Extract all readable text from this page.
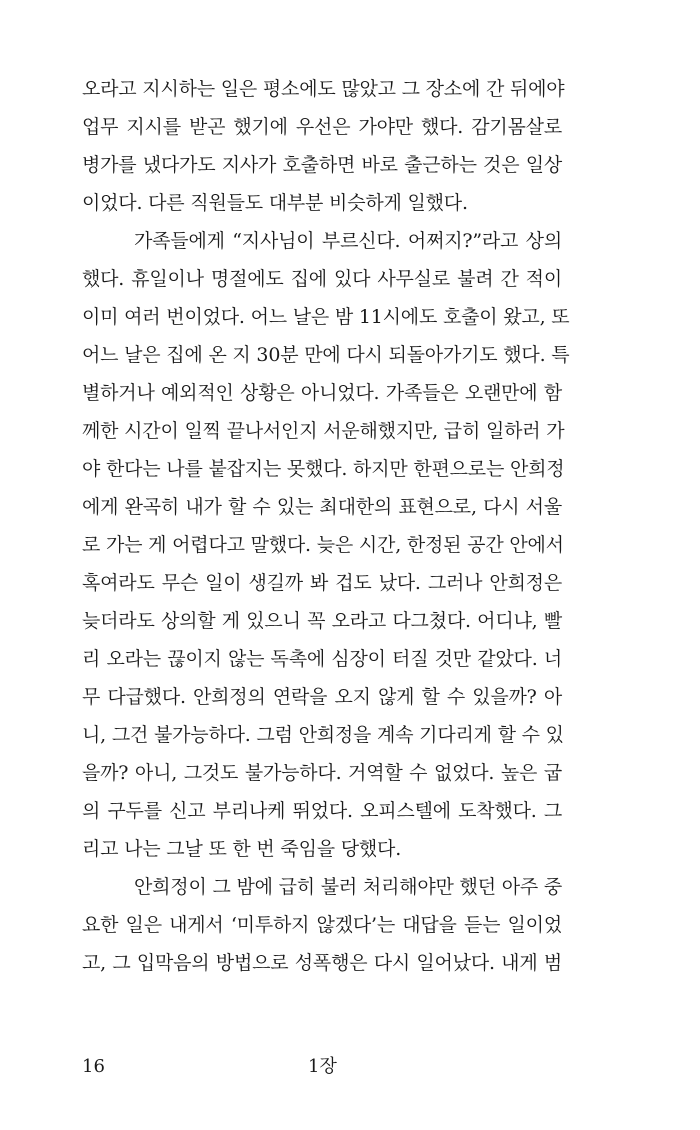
오라고 지시하는 일은 평소에도 많았고 그 장소에 간 뒤에야
업무 지시를 받곤 했기에 우선은 가야만 했다. 감기몸살로
병가를 냈다가도 지사가 호출하면 바로 출근하는 것은 일상
이었다. 다른 직원들도 대부분 비슷하게 일했다.
가족들에게 “지사님이 부르신다. 어쩌지?”라고 상의
했다. 휴일이나 명절에도 집에 있다 사무실로 불려 간 적이
이미 여러 번이었다. 어느 날은 밤 11시에도 호출이 왔고, 또
어느 날은 집에 온 지 30분 만에 다시 되돌아가기도 했다. 특
별하거나 예외적인 상황은 아니었다. 가족들은 오랜만에 함
께한 시간이 일찍 끝나서인지 서운해했지만, 급히 일하러 가
야 한다는 나를 붙잡지는 못했다. 하지만 한편으로는 안희정
에게 완곡히 내가 할 수 있는 최대한의 표현으로, 다시 서울
로 가는 게 어렵다고 말했다. 늦은 시간, 한정된 공간 안에서
혹여라도 무슨 일이 생길까 봐 겁도 났다. 그러나 안희정은
늦더라도 상의할 게 있으니 꼭 오라고 다그쳤다. 어디냐, 빨
리 오라는 끊이지 않는 독촉에 심장이 터질 것만 같았다. 너
무 다급했다. 안희정의 연락을 오지 않게 할 수 있을까? 아
니, 그건 불가능하다. 그럼 안희정을 계속 기다리게 할 수 있
을까? 아니, 그것도 불가능하다. 거역할 수 없었다. 높은 굽
의 구두를 신고 부리나케 뛰었다. 오피스텔에 도착했다. 그
리고 나는 그날 또 한 번 죽임을 당했다.
안희정이 그 밤에 급히 불러 처리해야만 했던 아주 중
요한 일은 내게서 ‘미투하지 않겠다’는 대답을 듣는 일이었
고, 그 입막음의 방법으로 성폭행은 다시 일어났다. 내게 범
16	1장
